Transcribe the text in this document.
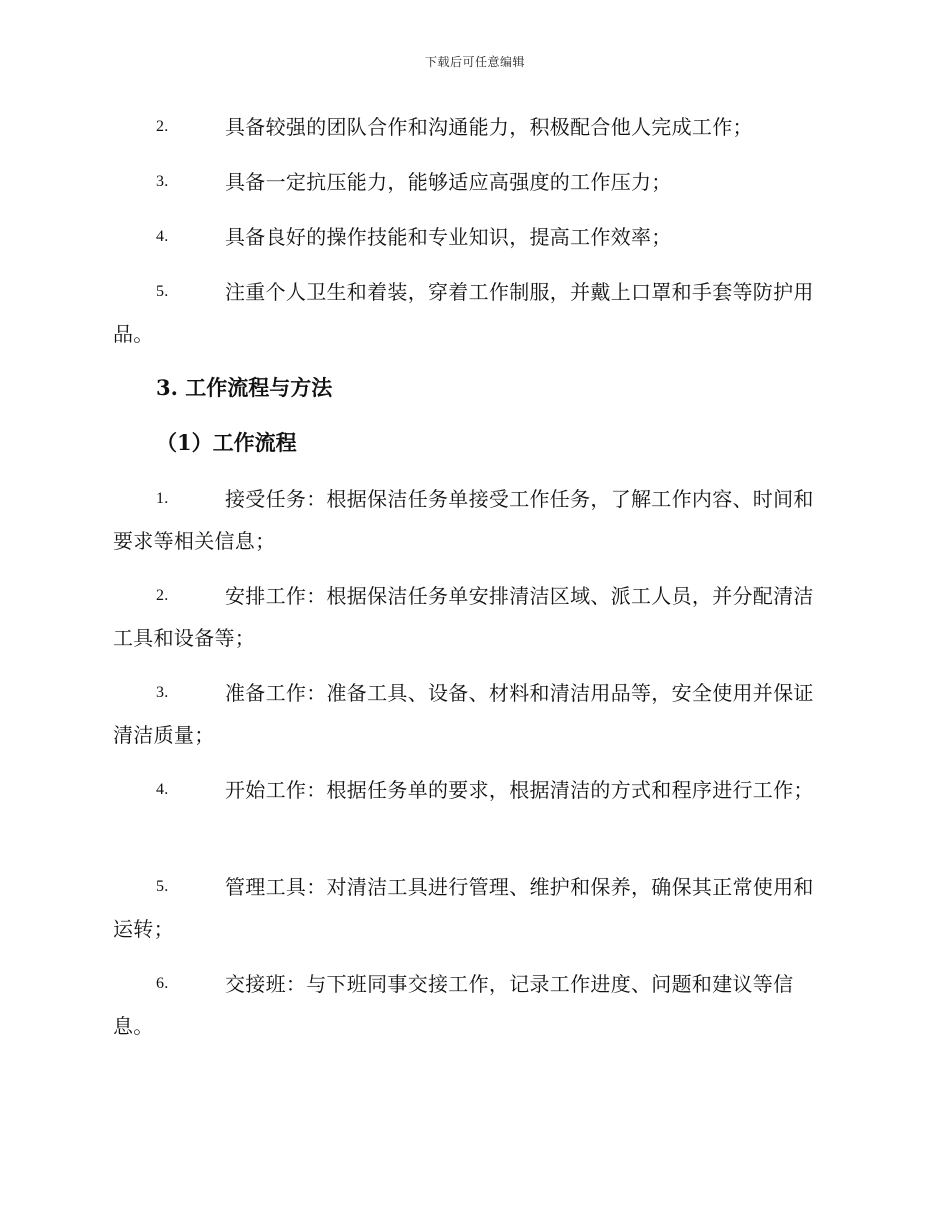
下载后可任意编辑
2.	具备较强的团队合作和沟通能力，积极配合他人完成工作；
3.	具备一定抗压能力，能够适应高强度的工作压力；
4.	具备良好的操作技能和专业知识，提高工作效率；
5.	注重个人卫生和着装，穿着工作制服，并戴上口罩和手套等防护用品。
3. 工作流程与方法
（1）工作流程
1.	接受任务：根据保洁任务单接受工作任务，了解工作内容、时间和要求等相关信息；
2.	安排工作：根据保洁任务单安排清洁区域、派工人员，并分配清洁工具和设备等；
3.	准备工作：准备工具、设备、材料和清洁用品等，安全使用并保证清洁质量；
4.	开始工作：根据任务单的要求，根据清洁的方式和程序进行工作；
5.	管理工具：对清洁工具进行管理、维护和保养，确保其正常使用和运转；
6.	交接班：与下班同事交接工作，记录工作进度、问题和建议等信息。
